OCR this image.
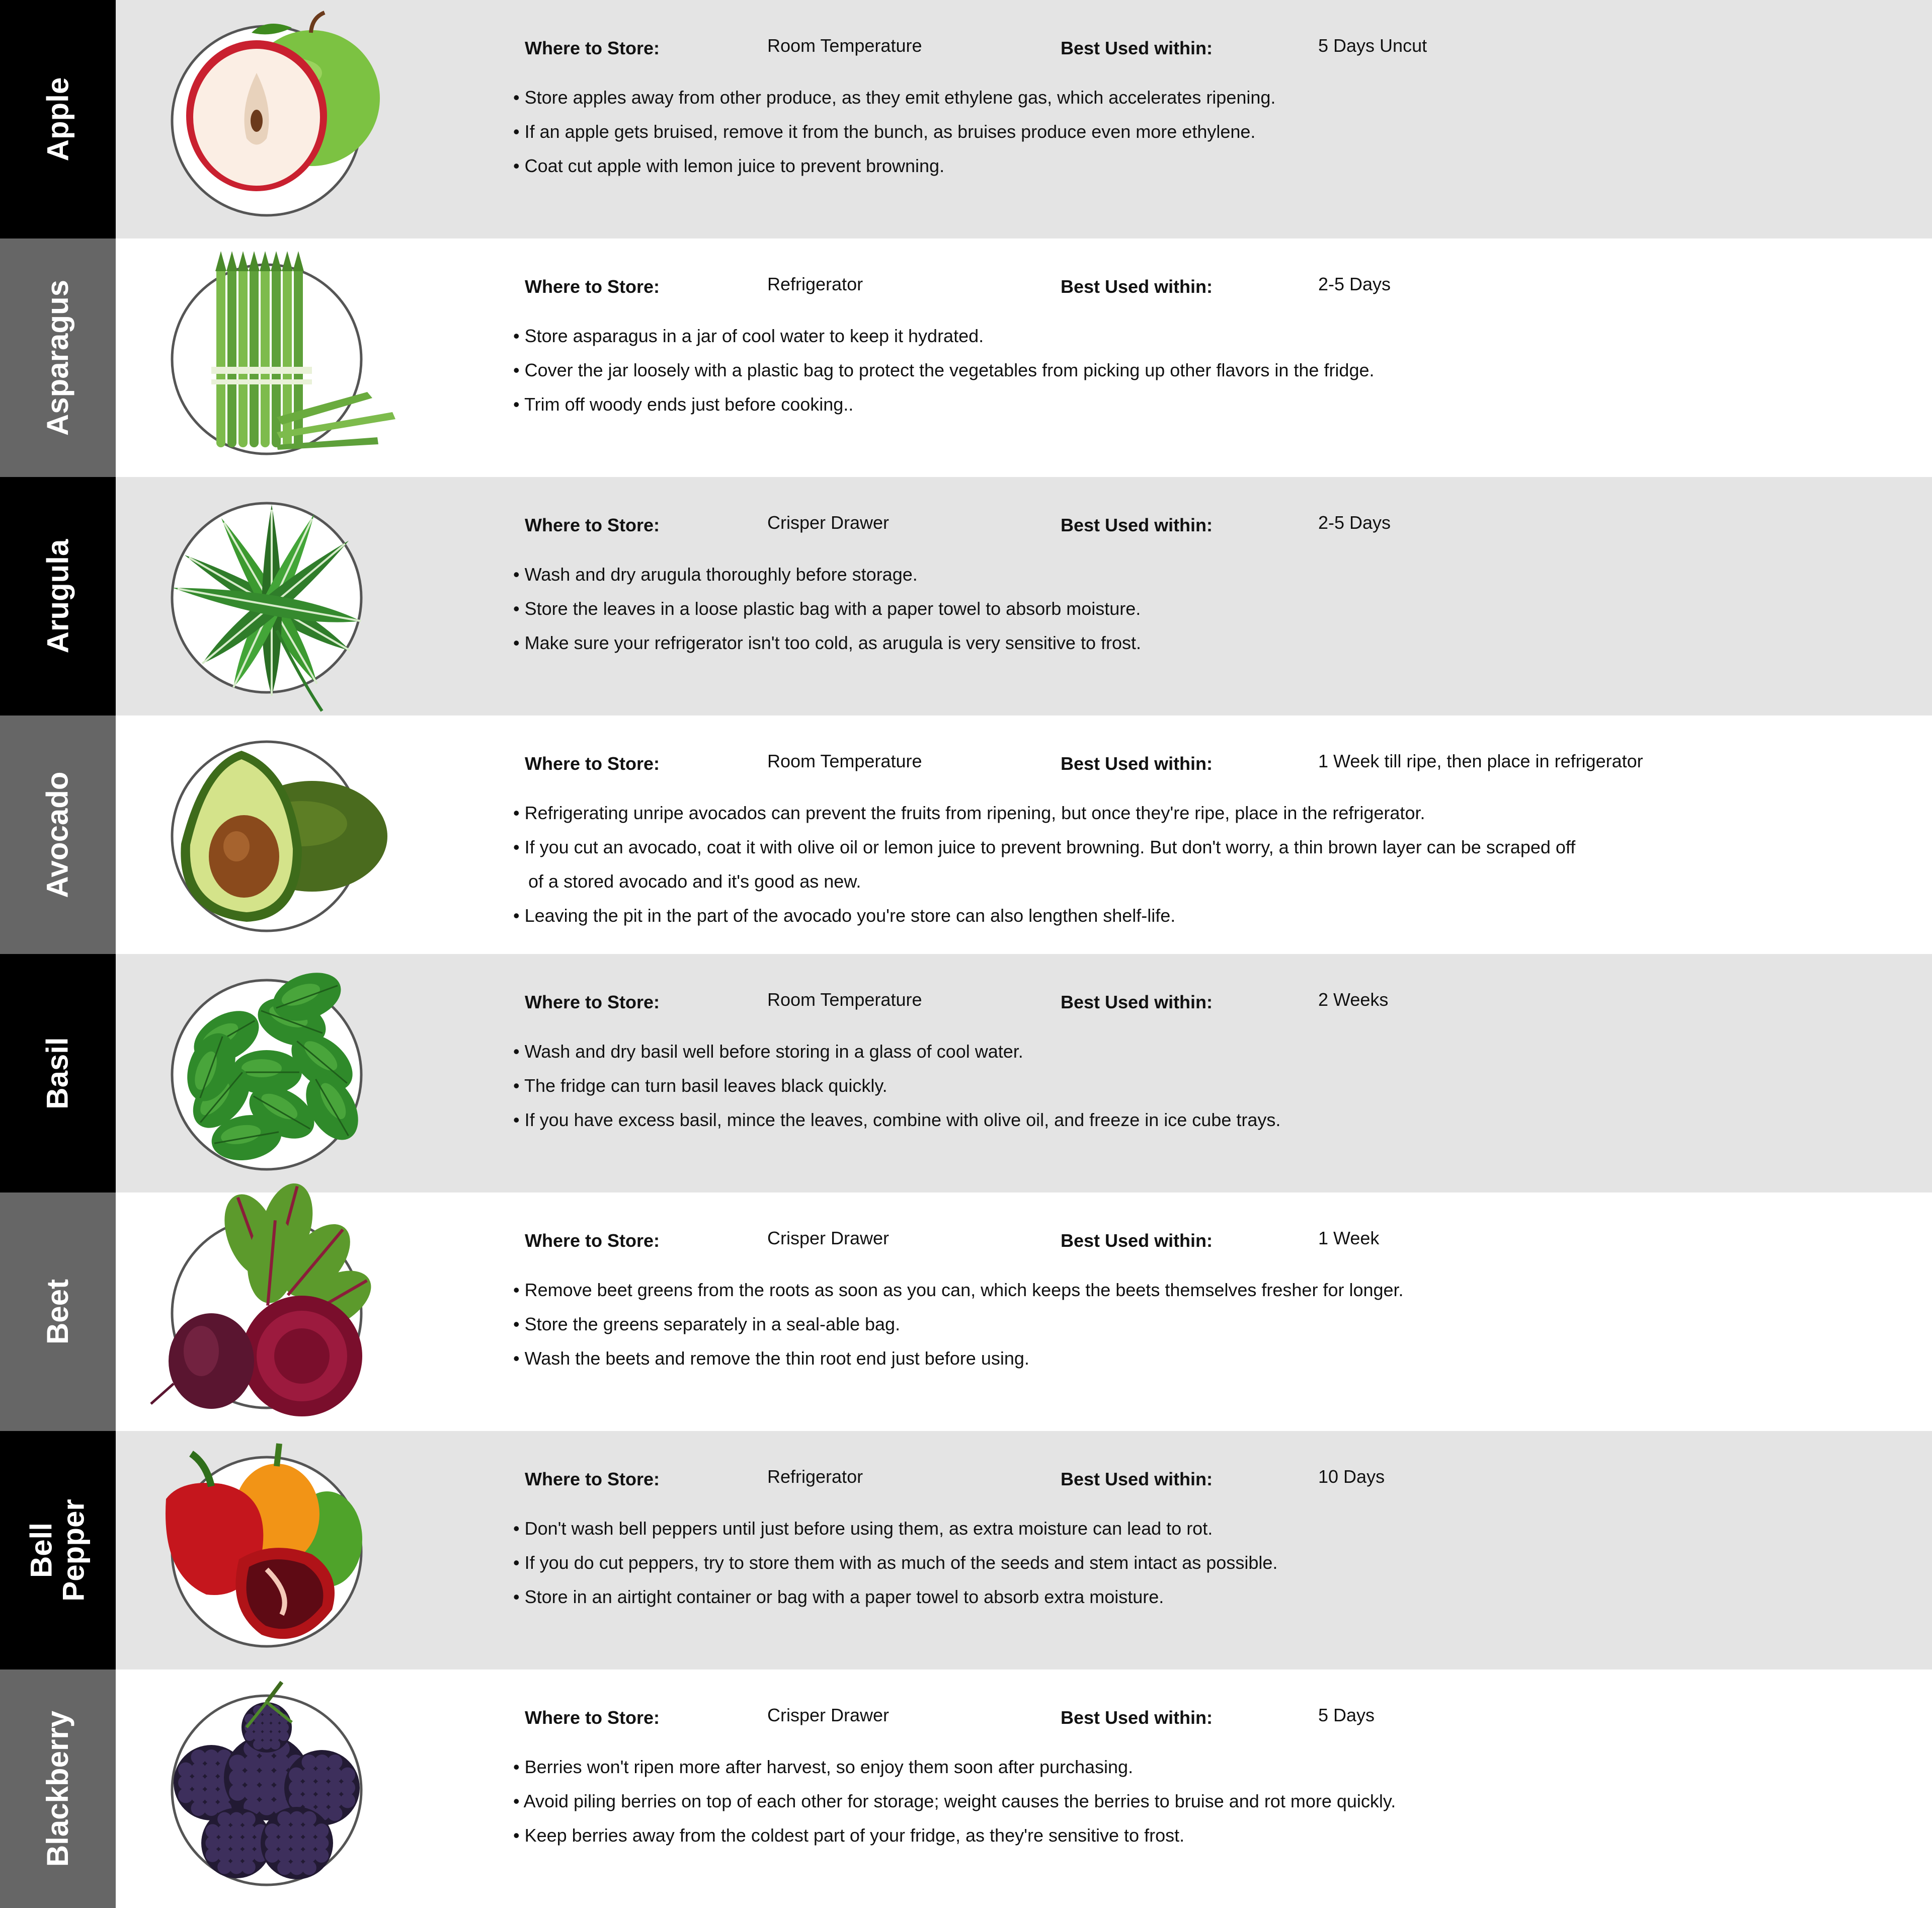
Apple
Where to Store:	Room Temperature	Best Used within:	5 Days Uncut
• Store apples away from other produce, as they emit ethylene gas, which accelerates ripening.
• If an apple gets bruised, remove it from the bunch, as bruises produce even more ethylene.
• Coat cut apple with lemon juice to prevent browning.
Asparagus	Where to Store:	Refrigerator	Best Used within:	2-5 Days
• Store asparagus in a jar of cool water to keep it hydrated.
• Cover the jar loosely with a plastic bag to protect the vegetables from picking up other flavors in the fridge.
• Trim off woody ends just before cooking..
Arugula
Where to Store:	Crisper Drawer	Best Used within:	2-5 Days
• Wash and dry arugula thoroughly before storage.
• Store the leaves in a loose plastic bag with a paper towel to absorb moisture.
• Make sure your refrigerator isn't too cold, as arugula is very sensitive to frost.
Avocado
Where to Store:	Room Temperature	Best Used within:	1 Week till ripe, then place in refrigerator
• Refrigerating unripe avocados can prevent the fruits from ripening, but once they're ripe, place in the refrigerator.
• If you cut an avocado, coat it with olive oil or lemon juice to prevent browning. But don't worry, a thin brown layer can be scraped off
of a stored avocado and it's good as new.
• Leaving the pit in the part of the avocado you're store can also lengthen shelf-life.
Basil
Where to Store:	Room Temperature	Best Used within:	2 Weeks
• Wash and dry basil well before storing in a glass of cool water.
• The fridge can turn basil leaves black quickly.
• If you have excess basil, mince the leaves, combine with olive oil, and freeze in ice cube trays.
Beet
Where to Store:	Crisper Drawer	Best Used within:	1 Week
• Remove beet greens from the roots as soon as you can, which keeps the beets themselves fresher for longer.
• Store the greens separately in a seal-able bag.
• Wash the beets and remove the thin root end just before using.
Bell
Pepper
Where to Store:	Refrigerator	Best Used within:	10 Days
• Don't wash bell peppers until just before using them, as extra moisture can lead to rot.
• If you do cut peppers, try to store them with as much of the seeds and stem intact as possible.
• Store in an airtight container or bag with a paper towel to absorb extra moisture.
Blackberry	Where to Store:	Crisper Drawer	Best Used within:	5 Days
• Berries won't ripen more after harvest, so enjoy them soon after purchasing.
• Avoid piling berries on top of each other for storage; weight causes the berries to bruise and rot more quickly.
• Keep berries away from the coldest part of your fridge, as they're sensitive to frost.
